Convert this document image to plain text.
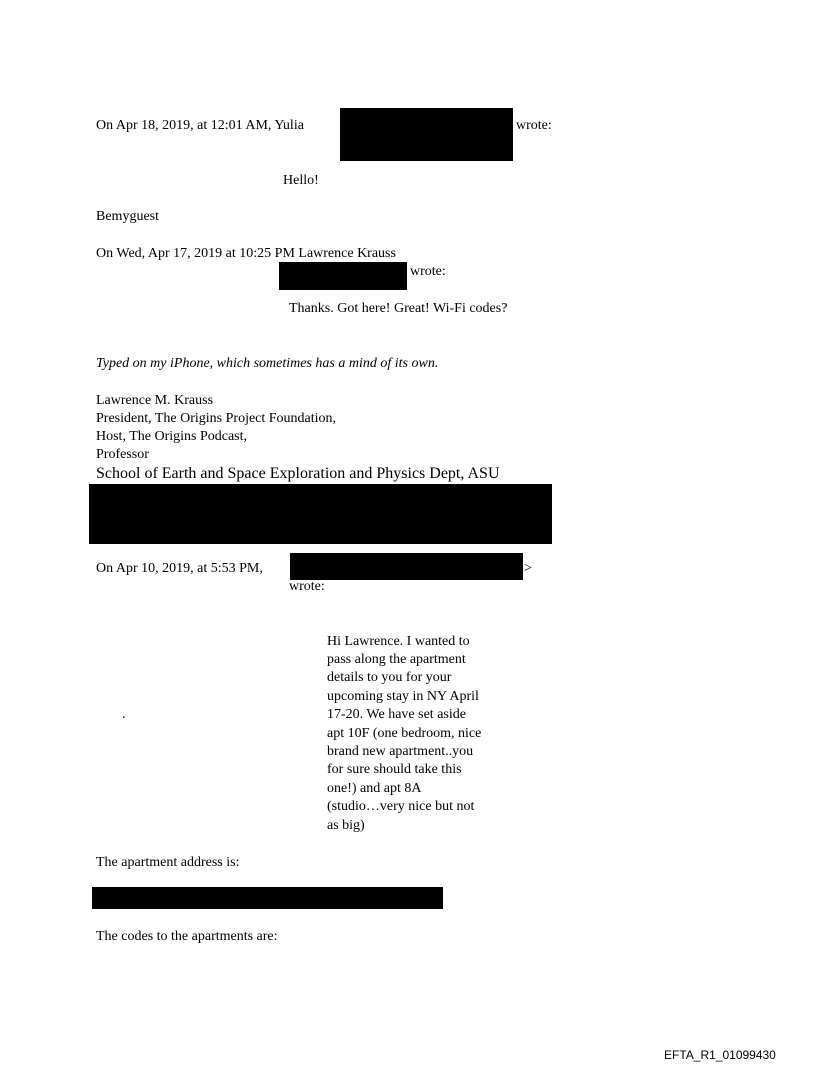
On Apr 18, 2019, at 12:01 AM, Yulia	wrote:
Hello!
Bemyguest
On Wed, Apr 17, 2019 at 10:25 PM Lawrence Krauss
wrote:
Thanks. Got here! Great! Wi-Fi codes?
Typed on my iPhone, which sometimes has a mind of its own.
Lawrence M. Krauss
President, The Origins Project Foundation,
Host, The Origins Podcast,
Professor
School of Earth and Space Exploration and Physics Dept, ASU
On Apr 10, 2019, at 5:53 PM,	>
wrote:
.
Hi Lawrence. I wanted to
pass along the apartment
details to you for your
upcoming stay in NY April
17-20. We have set aside
apt 10F (one bedroom, nice
brand new apartment..you
for sure should take this
one!) and apt 8A
(studio…very nice but not
as big)
The apartment address is:
The codes to the apartments are:
EFTA_R1_01099430
